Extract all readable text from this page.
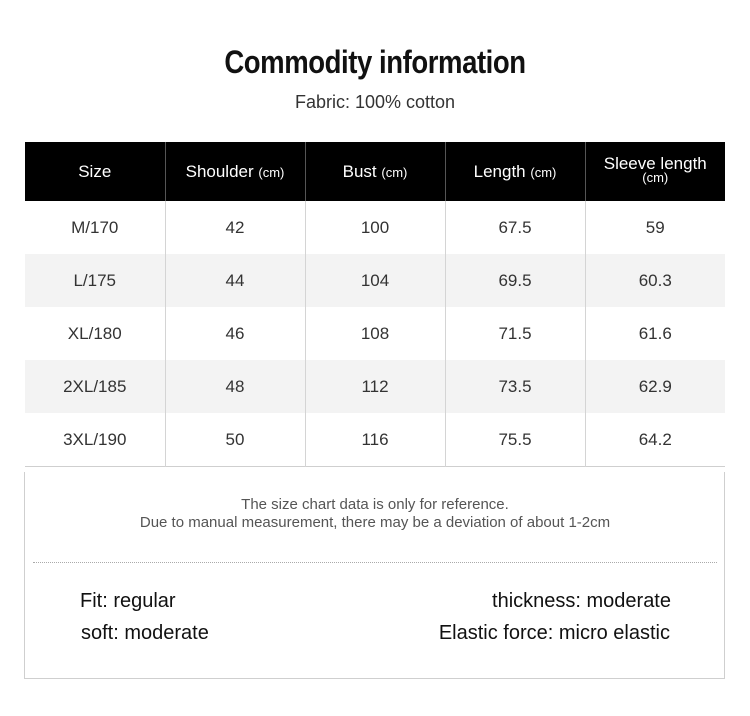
Commodity information
Fabric: 100% cotton
Size	Shoulder (cm)	Bust (cm)	Length (cm)	Sleeve length
(cm)
M/170	42	100	67.5	59
L/175	44	104	69.5	60.3
XL/180	46	108	71.5	61.6
2XL/185	48	112	73.5	62.9
3XL/190	50	116	75.5	64.2
The size chart data is only for reference.
Due to manual measurement, there may be a deviation of about 1-2cm
Fit: regular	thickness: moderate
soft: moderate	Elastic force: micro elastic
